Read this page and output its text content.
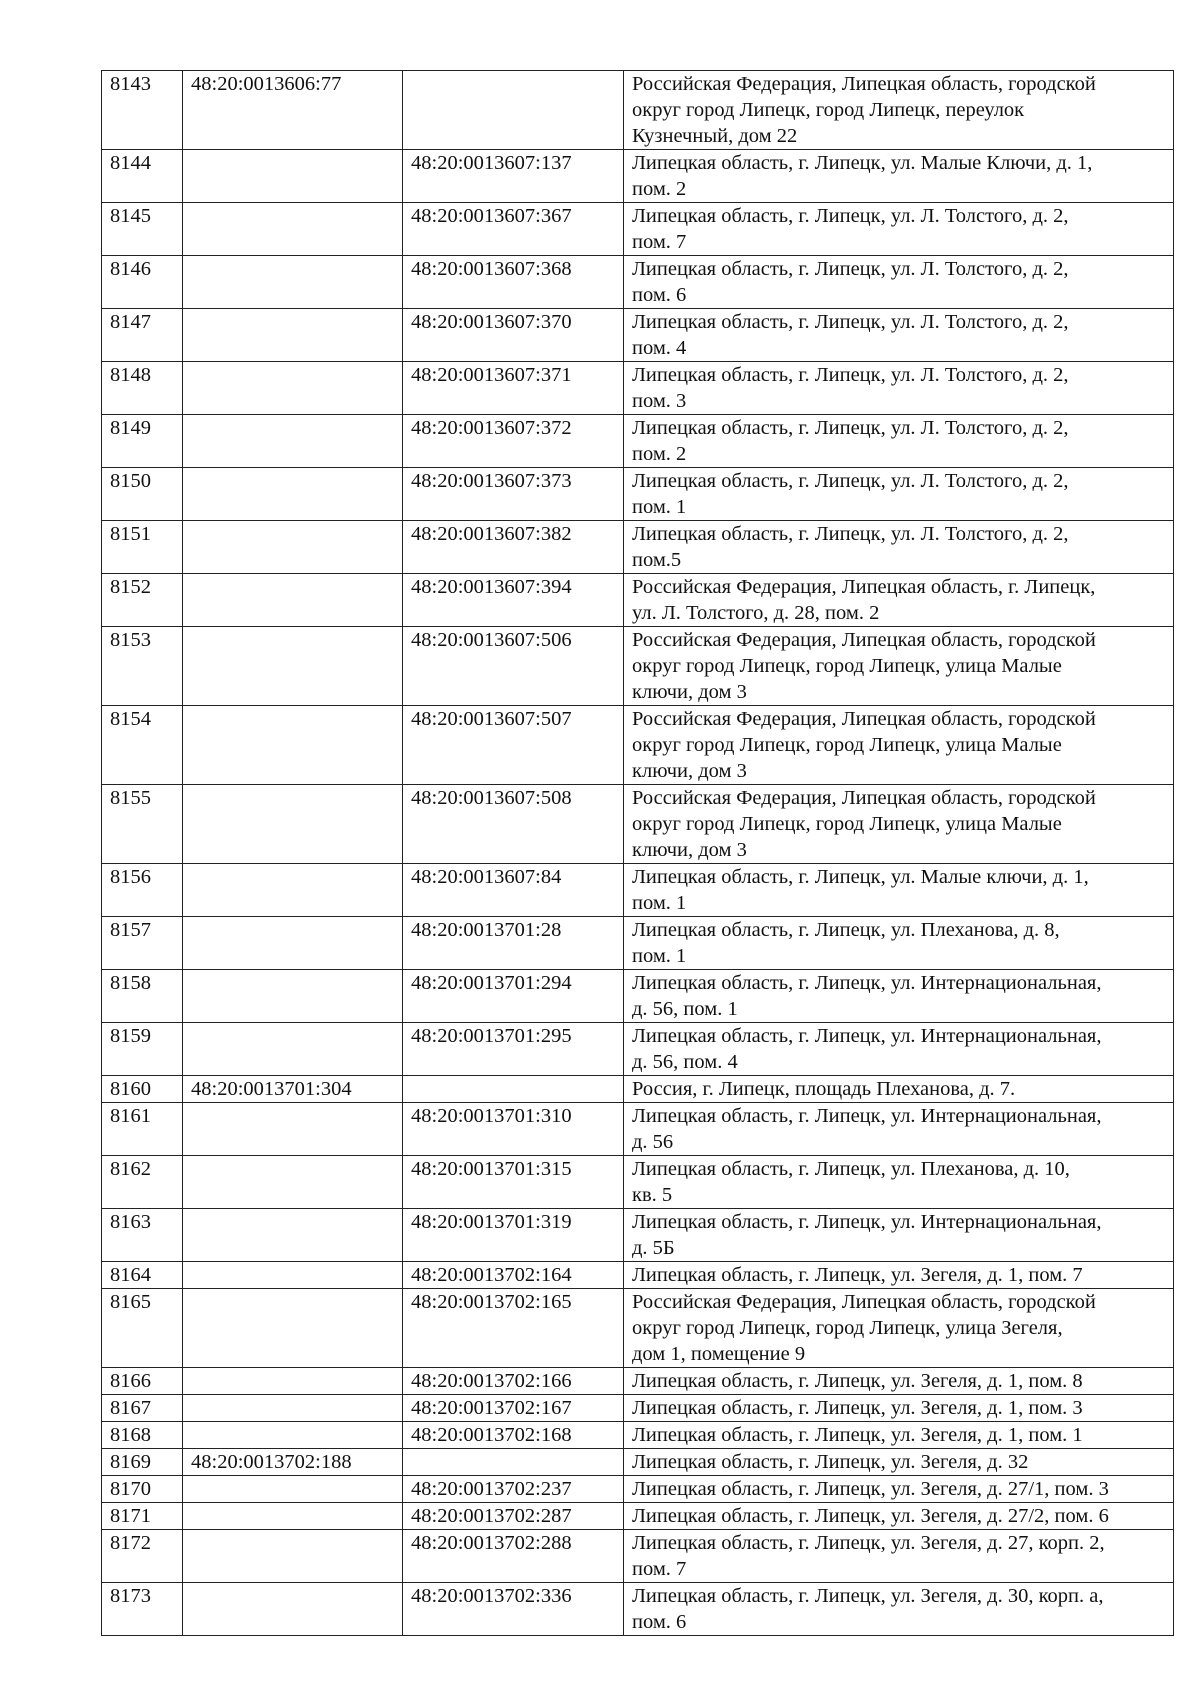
8143	48:20:0013606:77		Российская Федерация, Липецкая область, городской
округ город Липецк, город Липецк, переулок
Кузнечный, дом 22

8144		48:20:0013607:137	Липецкая область, г. Липецк, ул. Малые Ключи, д. 1,
пом. 2

8145		48:20:0013607:367	Липецкая область, г. Липецк, ул. Л. Толстого, д. 2,
пом. 7

8146		48:20:0013607:368	Липецкая область, г. Липецк, ул. Л. Толстого, д. 2,
пом. 6

8147		48:20:0013607:370	Липецкая область, г. Липецк, ул. Л. Толстого, д. 2,
пом. 4

8148		48:20:0013607:371	Липецкая область, г. Липецк, ул. Л. Толстого, д. 2,
пом. 3

8149		48:20:0013607:372	Липецкая область, г. Липецк, ул. Л. Толстого, д. 2,
пом. 2

8150		48:20:0013607:373	Липецкая область, г. Липецк, ул. Л. Толстого, д. 2,
пом. 1

8151		48:20:0013607:382	Липецкая область, г. Липецк, ул. Л. Толстого, д. 2,
пом.5

8152		48:20:0013607:394	Российская Федерация, Липецкая область, г. Липецк,
ул. Л. Толстого, д. 28, пом. 2

8153		48:20:0013607:506	Российская Федерация, Липецкая область, городской
округ город Липецк, город Липецк, улица Малые
ключи, дом 3

8154		48:20:0013607:507	Российская Федерация, Липецкая область, городской
округ город Липецк, город Липецк, улица Малые
ключи, дом 3

8155		48:20:0013607:508	Российская Федерация, Липецкая область, городской
округ город Липецк, город Липецк, улица Малые
ключи, дом 3

8156		48:20:0013607:84	Липецкая область, г. Липецк, ул. Малые ключи, д. 1,
пом. 1

8157		48:20:0013701:28	Липецкая область, г. Липецк, ул. Плеханова, д. 8,
пом. 1

8158		48:20:0013701:294	Липецкая область, г. Липецк, ул. Интернациональная,
д. 56, пом. 1

8159		48:20:0013701:295	Липецкая область, г. Липецк, ул. Интернациональная,
д. 56, пом. 4

8160	48:20:0013701:304		Россия, г. Липецк, площадь Плеханова, д. 7.

8161		48:20:0013701:310	Липецкая область, г. Липецк, ул. Интернациональная,
д. 56

8162		48:20:0013701:315	Липецкая область, г. Липецк, ул. Плеханова, д. 10,
кв. 5

8163		48:20:0013701:319	Липецкая область, г. Липецк, ул. Интернациональная,
д. 5Б

8164		48:20:0013702:164	Липецкая область, г. Липецк, ул. Зегеля, д. 1, пом. 7

8165		48:20:0013702:165	Российская Федерация, Липецкая область, городской
округ город Липецк, город Липецк, улица Зегеля,
дом 1, помещение 9

8166		48:20:0013702:166	Липецкая область, г. Липецк, ул. Зегеля, д. 1, пом. 8

8167		48:20:0013702:167	Липецкая область, г. Липецк, ул. Зегеля, д. 1, пом. 3

8168		48:20:0013702:168	Липецкая область, г. Липецк, ул. Зегеля, д. 1, пом. 1

8169	48:20:0013702:188		Липецкая область, г. Липецк, ул. Зегеля, д. 32

8170		48:20:0013702:237	Липецкая область, г. Липецк, ул. Зегеля, д. 27/1, пом. 3

8171		48:20:0013702:287	Липецкая область, г. Липецк, ул. Зегеля, д. 27/2, пом. 6

8172		48:20:0013702:288	Липецкая область, г. Липецк, ул. Зегеля, д. 27, корп. 2,
пом. 7

8173		48:20:0013702:336	Липецкая область, г. Липецк, ул. Зегеля, д. 30, корп. а,
пом. 6
